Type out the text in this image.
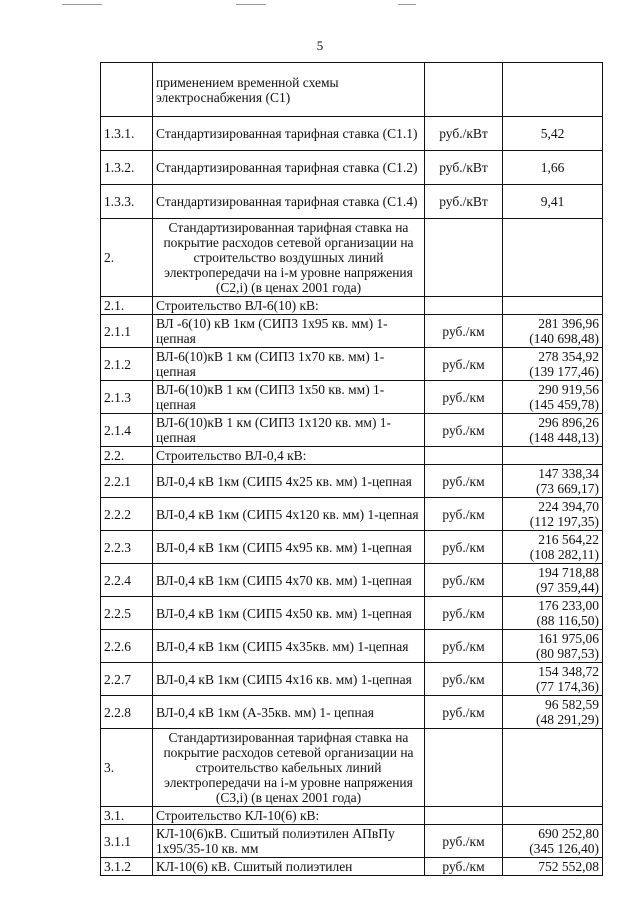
5
	применением временной схемы электроснабжения (С1)		
1.3.1.	Стандартизированная тарифная ставка (С1.1)	руб./кВт	5,42

1.3.2.	Стандартизированная тарифная ставка (С1.2)	руб./кВт	1,66

1.3.3.	Стандартизированная тарифная ставка (С1.4)	руб./кВт	9,41

2.	Стандартизированная тарифная ставка на покрытие расходов сетевой организации на строительство воздушных линий электропередачи на i-м уровне напряжения (С2,i) (в ценах 2001 года)		
2.1.	Строительство ВЛ-6(10) кВ:		
2.1.1	ВЛ -6(10) кВ 1км (СИП3 1х95 кв. мм) 1-цепная	руб./км	281 396,96
(140 698,48)

2.1.2	ВЛ-6(10)кВ 1 км (СИП3 1х70 кв. мм) 1- цепная	руб./км	278 354,92
(139 177,46)

2.1.3	ВЛ-6(10)кВ 1 км (СИП3 1х50 кв. мм) 1-цепная	руб./км	290 919,56
(145 459,78)

2.1.4	ВЛ-6(10)кВ 1 км (СИП3 1х120 кв. мм) 1- цепная	руб./км	296 896,26
(148 448,13)

2.2.	Строительство ВЛ-0,4 кВ:		
2.2.1	ВЛ-0,4 кВ 1км (СИП5 4х25 кв. мм) 1-цепная	руб./км	147 338,34
(73 669,17)

2.2.2	ВЛ-0,4 кВ 1км (СИП5 4х120 кв. мм) 1-цепная	руб./км	224 394,70
(112 197,35)

2.2.3	ВЛ-0,4 кВ 1км (СИП5 4х95 кв. мм) 1-цепная	руб./км	216 564,22
(108 282,11)

2.2.4	ВЛ-0,4 кВ 1км (СИП5 4х70 кв. мм) 1-цепная	руб./км	194 718,88
(97 359,44)

2.2.5	ВЛ-0,4 кВ 1км (СИП5 4х50 кв. мм) 1-цепная	руб./км	176 233,00
(88 116,50)

2.2.6	ВЛ-0,4 кВ 1км (СИП5 4х35кв. мм) 1-цепная	руб./км	161 975,06
(80 987,53)

2.2.7	ВЛ-0,4 кВ 1км (СИП5 4х16 кв. мм) 1-цепная	руб./км	154 348,72
(77 174,36)

2.2.8	ВЛ-0,4 кВ 1км (А-35кв. мм) 1- цепная	руб./км	96 582,59
(48 291,29)

3.	Стандартизированная тарифная ставка на покрытие расходов сетевой организации на строительство кабельных линий электропередачи на i-м уровне напряжения (С3,i) (в ценах 2001 года)		
3.1.	Строительство КЛ-10(6) кВ:		
3.1.1	КЛ-10(6)кВ. Сшитый полиэтилен АПвПу 1х95/35-10 кв. мм	руб./км	690 252,80
(345 126,40)

3.1.2	КЛ-10(6) кВ. Сшитый полиэтилен	руб./км	752 552,08
